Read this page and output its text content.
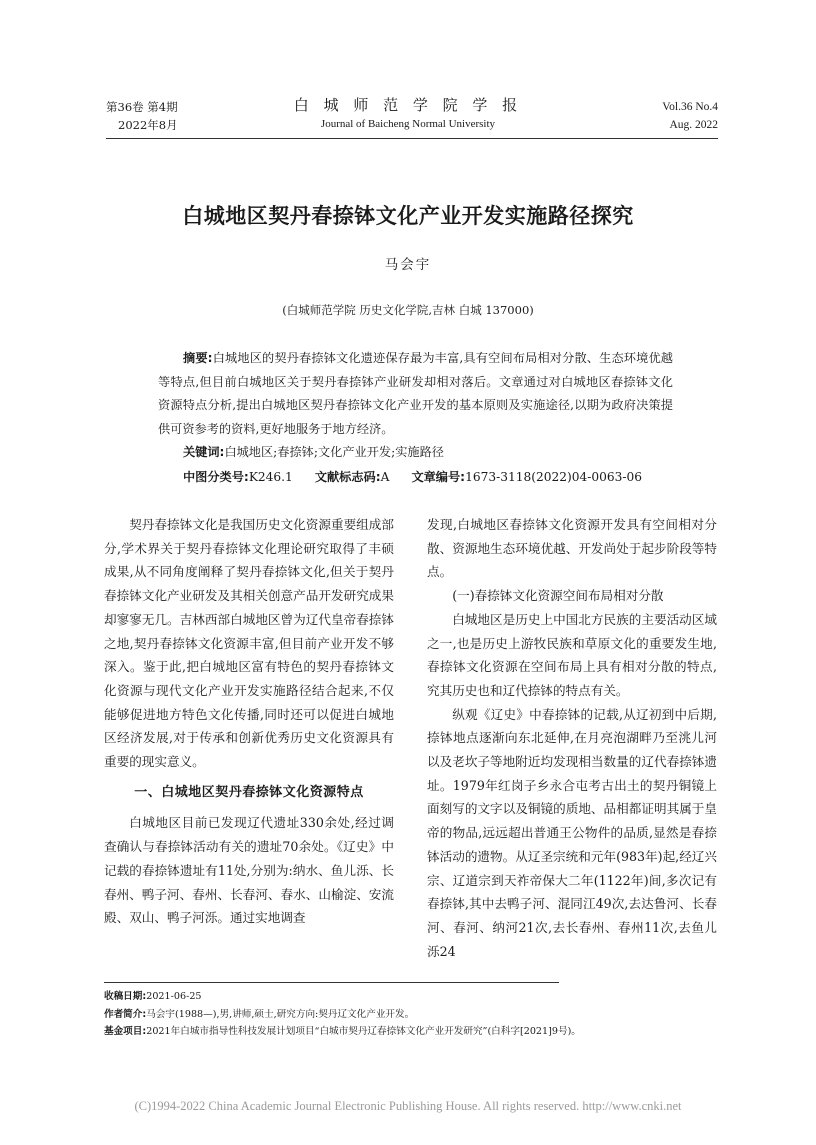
第36卷 第4期
2022年8月
白 城 师 范 学 院 学 报
Journal of Baicheng Normal University
Vol.36 No.4
Aug. 2022
白城地区契丹春捺钵文化产业开发实施路径探究
马会宇
(白城师范学院 历史文化学院,吉林 白城 137000)
摘要:白城地区的契丹春捺钵文化遗迹保存最为丰富,具有空间布局相对分散、生态环境优越等特点,但目前白城地区关于契丹春捺钵产业研发却相对落后。文章通过对白城地区春捺钵文化资源特点分析,提出白城地区契丹春捺钵文化产业开发的基本原则及实施途径,以期为政府决策提供可资参考的资料,更好地服务于地方经济。
关键词:白城地区;春捺钵;文化产业开发;实施路径
中图分类号:K246.1 文献标志码:A 文章编号:1673-3118(2022)04-0063-06

契丹春捺钵文化是我国历史文化资源重要组成部分,学术界关于契丹春捺钵文化理论研究取得了丰硕成果,从不同角度阐释了契丹春捺钵文化,但关于契丹春捺钵文化产业研发及其相关创意产品开发研究成果却寥寥无几。吉林西部白城地区曾为辽代皇帝春捺钵之地,契丹春捺钵文化资源丰富,但目前产业开发不够深入。鉴于此,把白城地区富有特色的契丹春捺钵文化资源与现代文化产业开发实施路径结合起来,不仅能够促进地方特色文化传播,同时还可以促进白城地区经济发展,对于传承和创新优秀历史文化资源具有重要的现实意义。

一、白城地区契丹春捺钵文化资源特点

白城地区目前已发现辽代遗址330余处,经过调查确认与春捺钵活动有关的遗址70余处。《辽史》中记载的春捺钵遗址有11处,分别为:纳水、鱼儿泺、长春州、鸭子河、春州、长春河、春水、山榆淀、安流殿、双山、鸭子河泺。通过实地调查

发现,白城地区春捺钵文化资源开发具有空间相对分散、资源地生态环境优越、开发尚处于起步阶段等特点。

(一)春捺钵文化资源空间布局相对分散

白城地区是历史上中国北方民族的主要活动区域之一,也是历史上游牧民族和草原文化的重要发生地,春捺钵文化资源在空间布局上具有相对分散的特点,究其历史也和辽代捺钵的特点有关。

纵观《辽史》中春捺钵的记载,从辽初到中后期,捺钵地点逐渐向东北延伸,在月亮泡湖畔乃至洮儿河以及老坎子等地附近均发现相当数量的辽代春捺钵遗址。1979年红岗子乡永合屯考古出土的契丹铜镜上面刻写的文字以及铜镜的质地、品相都证明其属于皇帝的物品,远远超出普通王公物件的品质,显然是春捺钵活动的遗物。从辽圣宗统和元年(983年)起,经辽兴宗、辽道宗到天祚帝保大二年(1122年)间,多次记有春捺钵,其中去鸭子河、混同江49次,去达鲁河、长春河、春河、纳河21次,去长春州、春州11次,去鱼儿泺24

收稿日期:2021-06-25
作者简介:马会宇(1988—),男,讲师,硕士,研究方向:契丹辽文化产业开发。
基金项目:2021年白城市指导性科技发展计划项目“白城市契丹辽春捺钵文化产业开发研究”(白科字[2021]9号)。
(C)1994-2022 China Academic Journal Electronic Publishing House. All rights reserved. http://www.cnki.net
